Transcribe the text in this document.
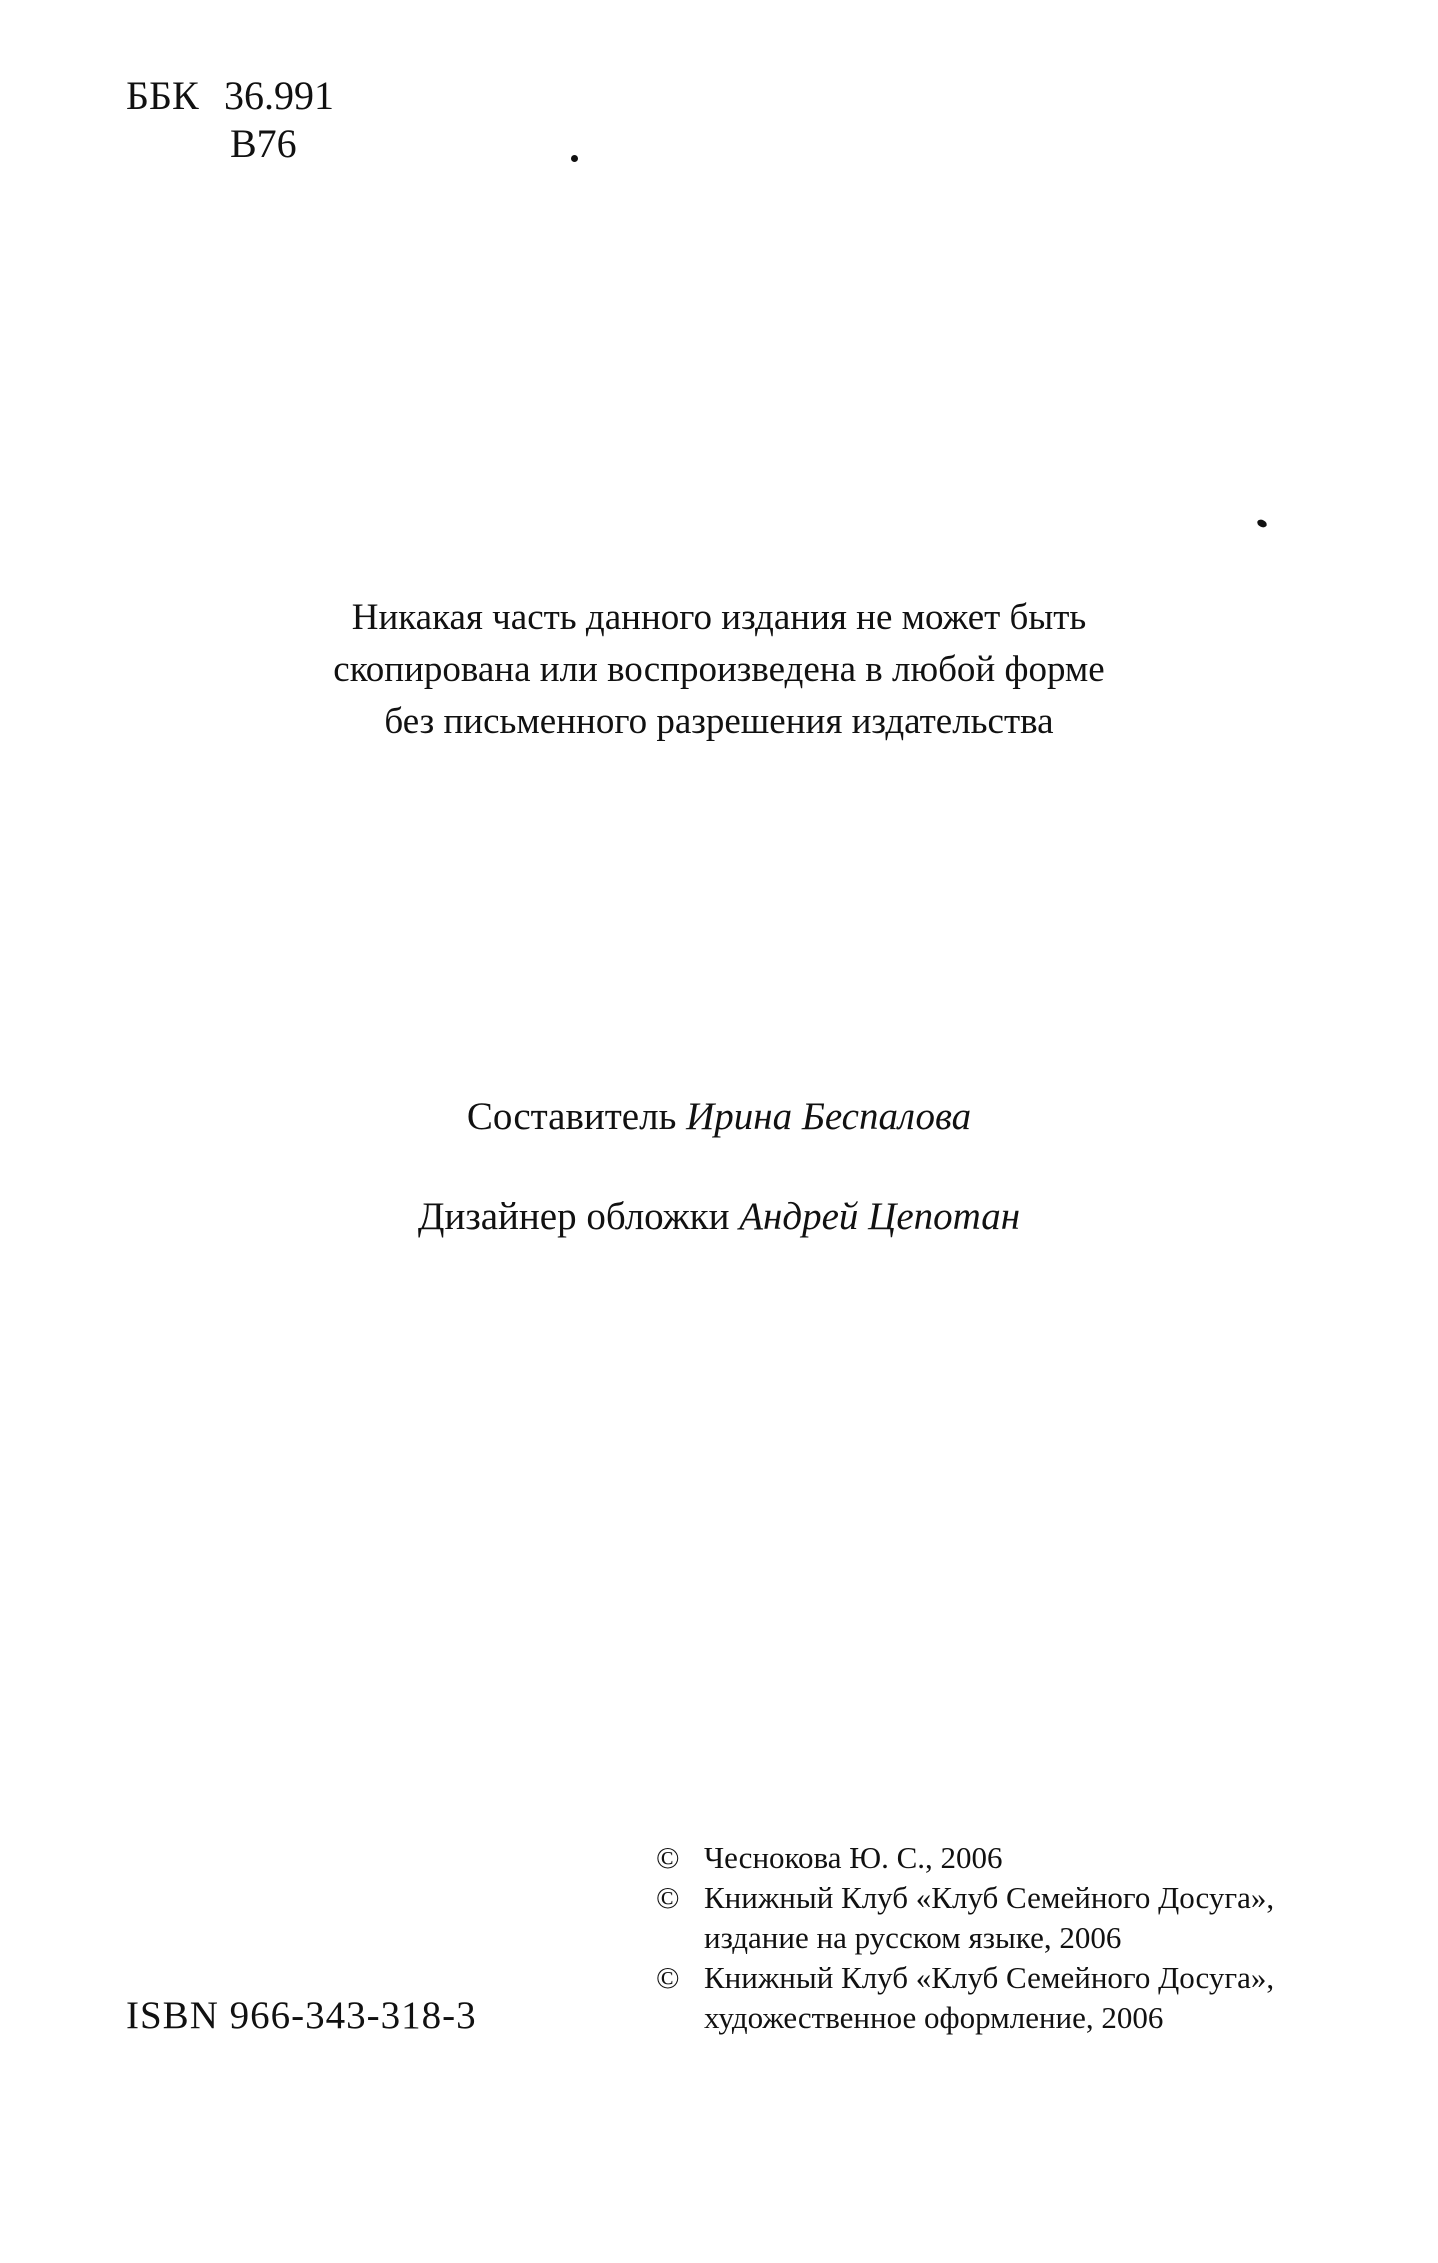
ББК 36.991
В76
Никакая часть данного издания не может быть
скопирована или воспроизведена в любой форме
без письменного разрешения издательства
Составитель Ирина Беспалова
Дизайнер обложки Андрей Цепотан
© Чеснокова Ю. С., 2006
© Книжный Клуб «Клуб Семейного Досуга»,
издание на русском языке, 2006
© Книжный Клуб «Клуб Семейного Досуга»,
художественное оформление, 2006
ISBN 966-343-318-3
